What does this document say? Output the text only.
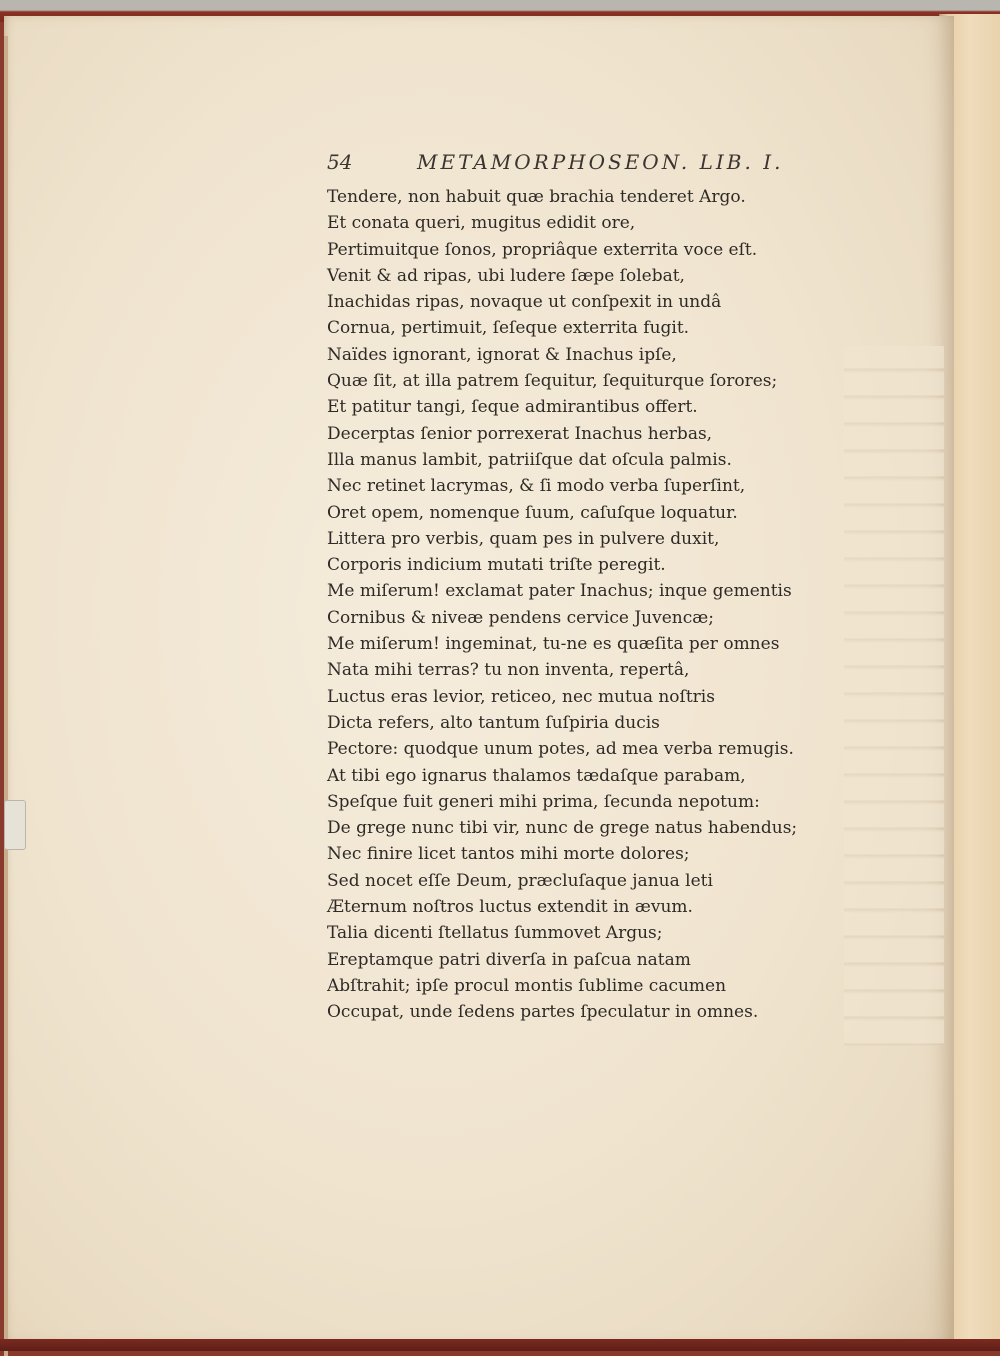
54	METAMORPHOSEON. LIB. I.
Tendere, non habuit quæ brachia tenderet Argo.
Et conata queri, mugitus edidit ore,
Pertimuitque ſonos, propriâque exterrita voce eſt.
Venit & ad ripas, ubi ludere ſæpe ſolebat,
Inachidas ripas, novaque ut conſpexit in undâ
Cornua, pertimuit, ſeſeque exterrita fugit.
Naïdes ignorant, ignorat & Inachus ipſe,
Quæ ſit, at illa patrem ſequitur, ſequiturque ſorores;
Et patitur tangi, ſeque admirantibus offert.
Decerptas ſenior porrexerat Inachus herbas,
Illa manus lambit, patriiſque dat oſcula palmis.
Nec retinet lacrymas, & ſi modo verba ſuperſint,
Oret opem, nomenque ſuum, caſuſque loquatur.
Littera pro verbis, quam pes in pulvere duxit,
Corporis indicium mutati triſte peregit.
Me miſerum! exclamat pater Inachus; inque gementis
Cornibus & niveæ pendens cervice Juvencæ;
Me miſerum! ingeminat, tu-ne es quæſita per omnes
Nata mihi terras? tu non inventa, repertâ,
Luctus eras levior, reticeo, nec mutua noſtris
Dicta refers, alto tantum ſuſpiria ducis
Pectore: quodque unum potes, ad mea verba remugis.
At tibi ego ignarus thalamos tædaſque parabam,
Speſque fuit generi mihi prima, ſecunda nepotum:
De grege nunc tibi vir, nunc de grege natus habendus;
Nec finire licet tantos mihi morte dolores;
Sed nocet eſſe Deum, præcluſaque janua leti
Æternum noſtros luctus extendit in ævum.
Talia dicenti ſtellatus ſummovet Argus;
Ereptamque patri diverſa in paſcua natam
Abſtrahit; ipſe procul montis ſublime cacumen
Occupat, unde ſedens partes ſpeculatur in omnes.
